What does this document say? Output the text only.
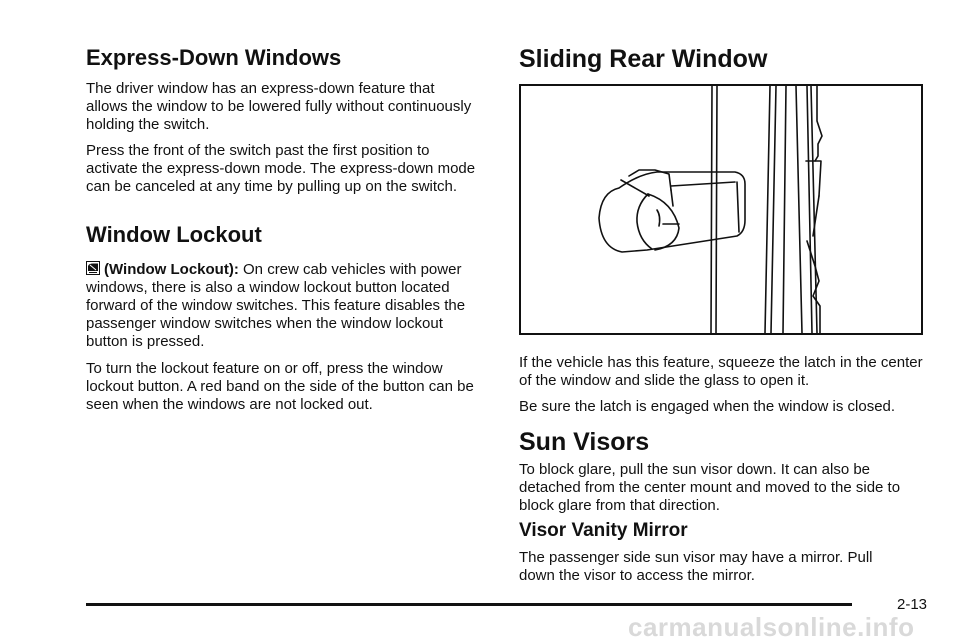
Express-Down Windows

The driver window has an express-down feature that allows the window to be lowered fully without continuously holding the switch.

Press the front of the switch past the first position to activate the express-down mode. The express-down mode can be canceled at any time by pulling up on the switch.

Window Lockout

(Window Lockout): On crew cab vehicles with power windows, there is also a window lockout button located forward of the window switches. This feature disables the passenger window switches when the window lockout button is pressed.

To turn the lockout feature on or off, press the window lockout button. A red band on the side of the button can be seen when the windows are not locked out.

Sliding Rear Window

If the vehicle has this feature, squeeze the latch in the center of the window and slide the glass to open it.

Be sure the latch is engaged when the window is closed.

Sun Visors

To block glare, pull the sun visor down. It can also be detached from the center mount and moved to the side to block glare from that direction.

Visor Vanity Mirror

The passenger side sun visor may have a mirror. Pull down the visor to access the mirror.

2-13
carmanualsonline.info
